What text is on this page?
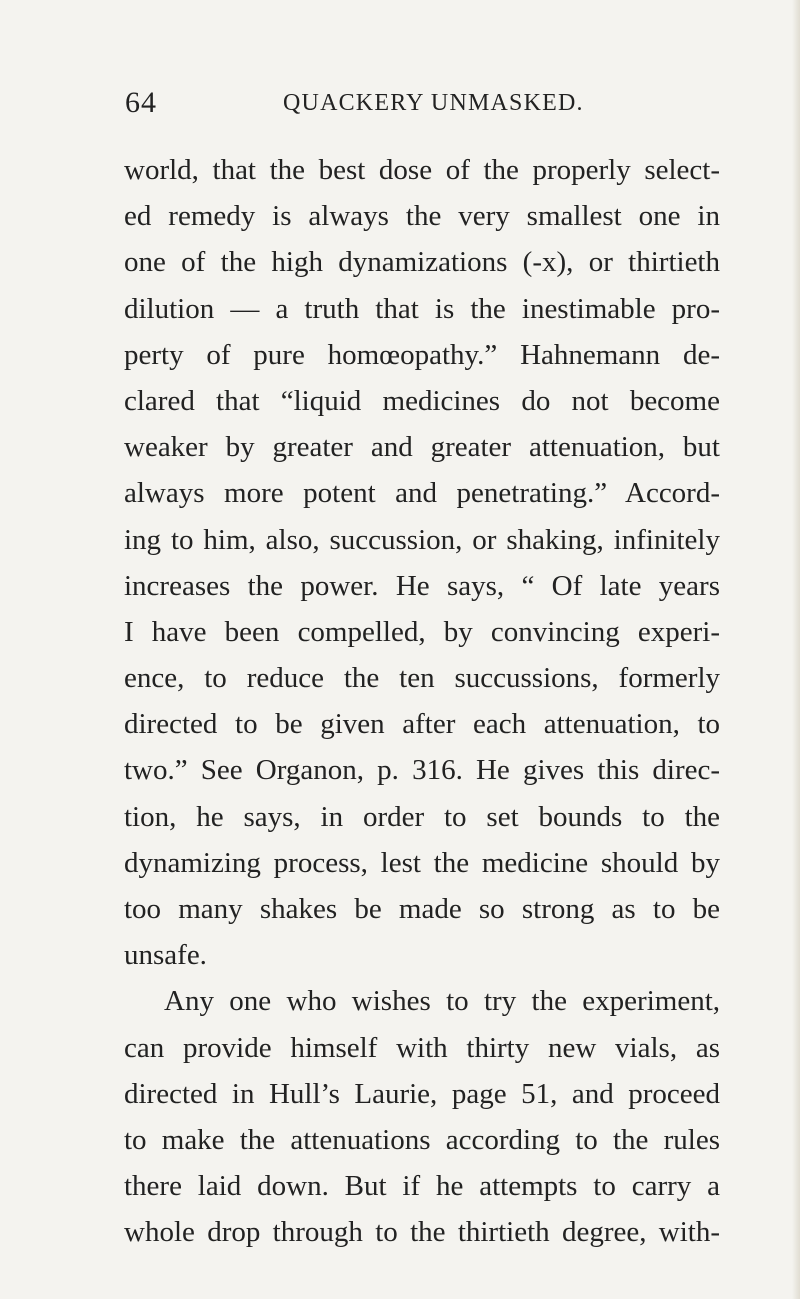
64	QUACKERY UNMASKED.
world, that the best dose of the properly select-
ed remedy is always the very smallest one in
one of the high dynamizations (‐x), or thirtieth
dilution — a truth that is the inestimable pro-
perty of pure homœopathy.” Hahnemann de-
clared that “liquid medicines do not become
weaker by greater and greater attenuation, but
always more potent and penetrating.” Accord-
ing to him, also, succussion, or shaking, infinitely
increases the power. He says, “ Of late years
I have been compelled, by convincing experi-
ence, to reduce the ten succussions, formerly
directed to be given after each attenuation, to
two.” See Organon, p. 316. He gives this direc-
tion, he says, in order to set bounds to the
dynamizing process, lest the medicine should by
too many shakes be made so strong as to be
unsafe.
Any one who wishes to try the experiment,
can provide himself with thirty new vials, as
directed in Hull’s Laurie, page 51, and proceed
to make the attenuations according to the rules
there laid down. But if he attempts to carry a
whole drop through to the thirtieth degree, with-
